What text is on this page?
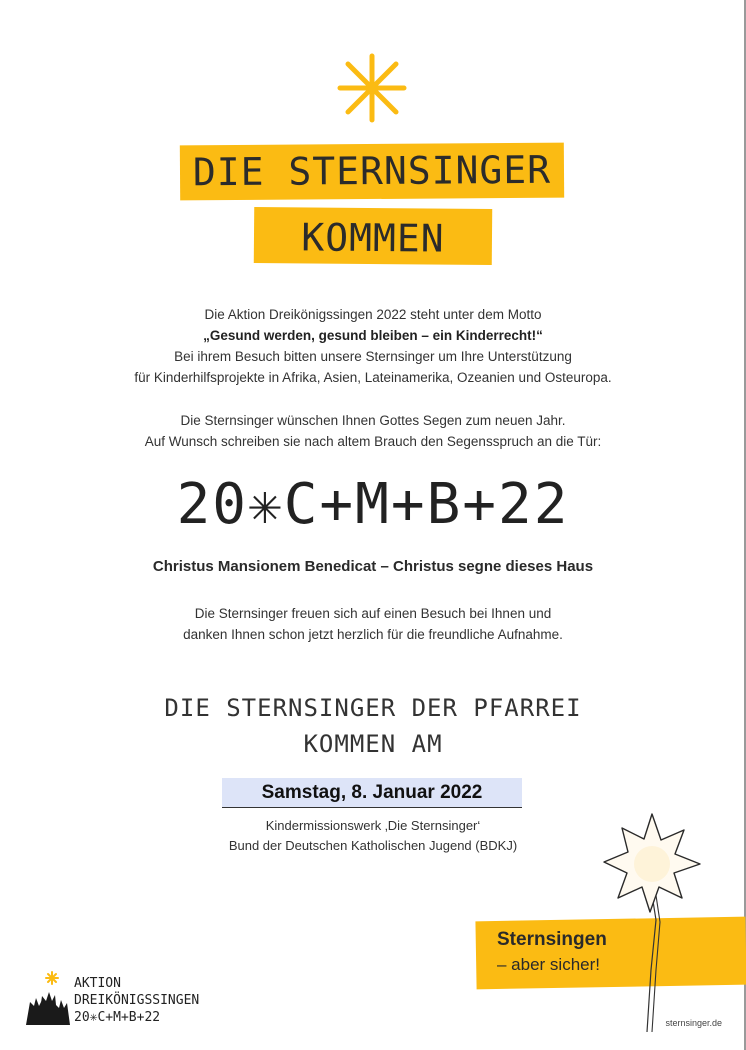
DIE STERNSINGER
KOMMEN
Die Aktion Dreikönigssingen 2022 steht unter dem Motto
„Gesund werden, gesund bleiben – ein Kinderrecht!“
Bei ihrem Besuch bitten unsere Sternsinger um Ihre Unterstützung
für Kinderhilfsprojekte in Afrika, Asien, Lateinamerika, Ozeanien und Osteuropa.
Die Sternsinger wünschen Ihnen Gottes Segen zum neuen Jahr.
Auf Wunsch schreiben sie nach altem Brauch den Segensspruch an die Tür:
20✳C+M+B+22
Christus Mansionem Benedicat – Christus segne dieses Haus
Die Sternsinger freuen sich auf einen Besuch bei Ihnen und
danken Ihnen schon jetzt herzlich für die freundliche Aufnahme.
DIE STERNSINGER DER PFARREI
KOMMEN AM
Samstag, 8. Januar 2022
Kindermissionswerk ‚Die Sternsinger‘
Bund der Deutschen Katholischen Jugend (BDKJ)
Sternsingen
– aber sicher!
AKTION
DREIKÖNIGSSINGEN
20✳C+M+B+22	sternsinger.de
